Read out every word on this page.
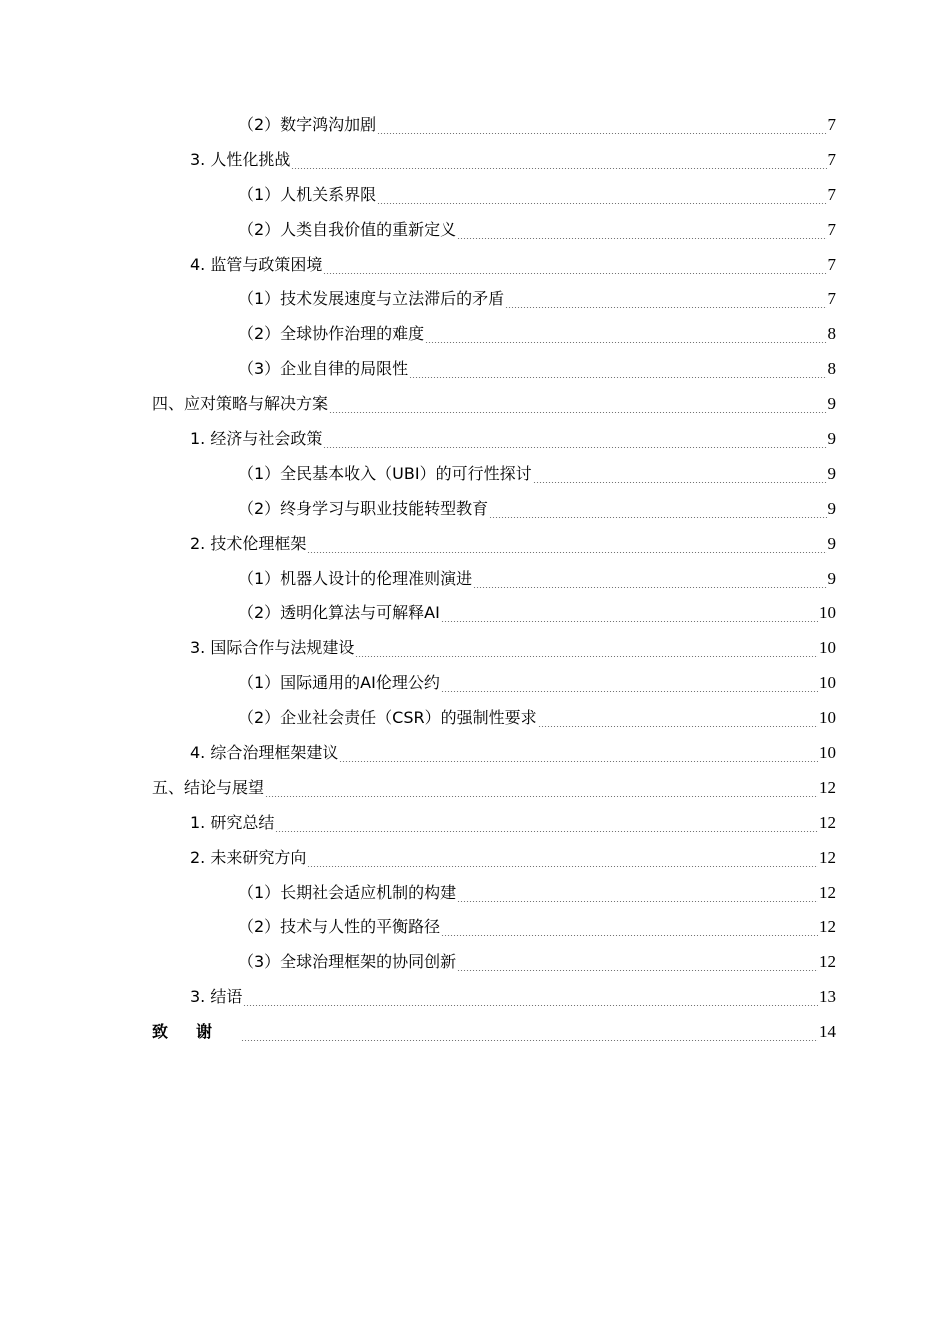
（2）数字鸿沟加剧	7
3. 人性化挑战	7
（1）人机关系界限	7
（2）人类自我价值的重新定义	7
4. 监管与政策困境	7
（1）技术发展速度与立法滞后的矛盾	7
（2）全球协作治理的难度	8
（3）企业自律的局限性	8
四、应对策略与解决方案	9
1. 经济与社会政策	9
（1）全民基本收入（UBI）的可行性探讨	9
（2）终身学习与职业技能转型教育	9
2. 技术伦理框架	9
（1）机器人设计的伦理准则演进	9
（2）透明化算法与可解释AI	10
3. 国际合作与法规建设	10
（1）国际通用的AI伦理公约	10
（2）企业社会责任（CSR）的强制性要求	10
4. 综合治理框架建议	10
五、结论与展望	12
1. 研究总结	12
2. 未来研究方向	12
（1）长期社会适应机制的构建	12
（2）技术与人性的平衡路径	12
（3）全球治理框架的协同创新	12
3. 结语	13
致谢	14
